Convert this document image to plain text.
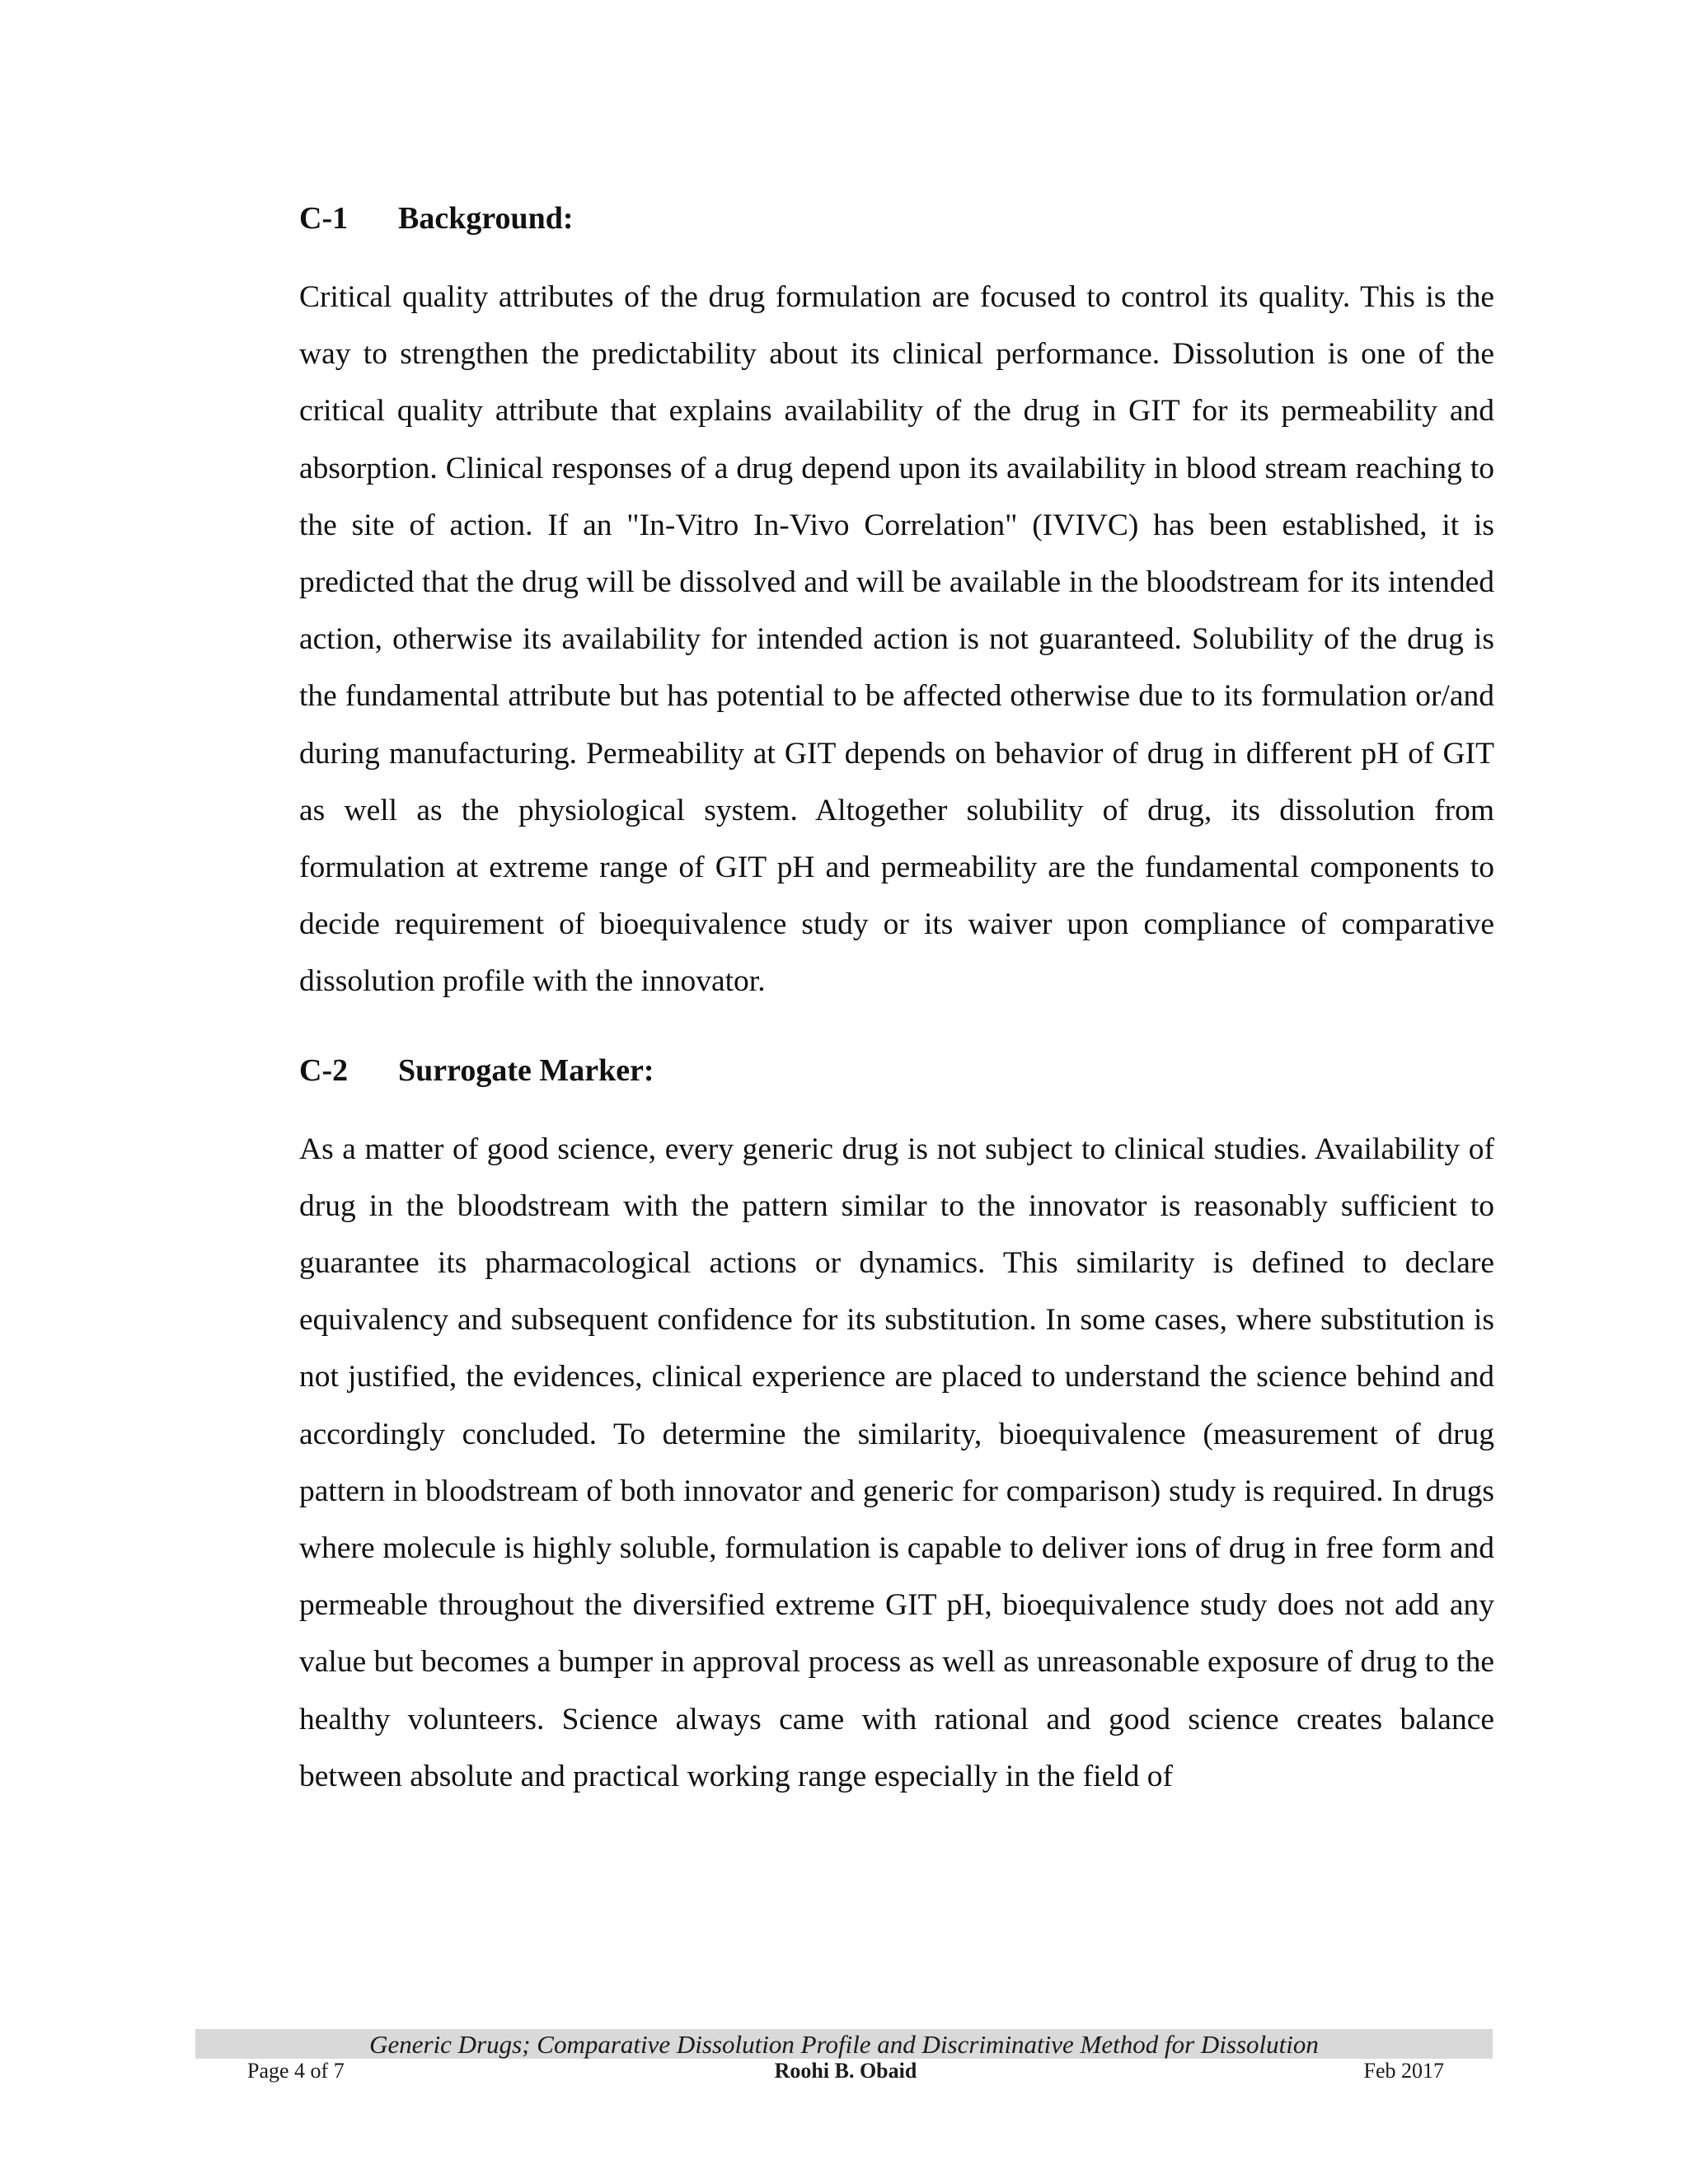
C-1	Background:

Critical quality attributes of the drug formulation are focused to control its quality. This is the way to strengthen the predictability about its clinical performance. Dissolution is one of the critical quality attribute that explains availability of the drug in GIT for its permeability and absorption. Clinical responses of a drug depend upon its availability in blood stream reaching to the site of action. If an "In-Vitro In-Vivo Correlation" (IVIVC) has been established, it is predicted that the drug will be dissolved and will be available in the bloodstream for its intended action, otherwise its availability for intended action is not guaranteed. Solubility of the drug is the fundamental attribute but has potential to be affected otherwise due to its formulation or/and during manufacturing. Permeability at GIT depends on behavior of drug in different pH of GIT as well as the physiological system. Altogether solubility of drug, its dissolution from formulation at extreme range of GIT pH and permeability are the fundamental components to decide requirement of bioequivalence study or its waiver upon compliance of comparative dissolution profile with the innovator.

C-2	Surrogate Marker:

As a matter of good science, every generic drug is not subject to clinical studies. Availability of drug in the bloodstream with the pattern similar to the innovator is reasonably sufficient to guarantee its pharmacological actions or dynamics. This similarity is defined to declare equivalency and subsequent confidence for its substitution. In some cases, where substitution is not justified, the evidences, clinical experience are placed to understand the science behind and accordingly concluded. To determine the similarity, bioequivalence (measurement of drug pattern in bloodstream of both innovator and generic for comparison) study is required. In drugs where molecule is highly soluble, formulation is capable to deliver ions of drug in free form and permeable throughout the diversified extreme GIT pH, bioequivalence study does not add any value but becomes a bumper in approval process as well as unreasonable exposure of drug to the healthy volunteers. Science always came with rational and good science creates balance between absolute and practical working range especially in the field of

Generic Drugs; Comparative Dissolution Profile and Discriminative Method for Dissolution
Page 4 of 7	Roohi B. Obaid	Feb 2017
